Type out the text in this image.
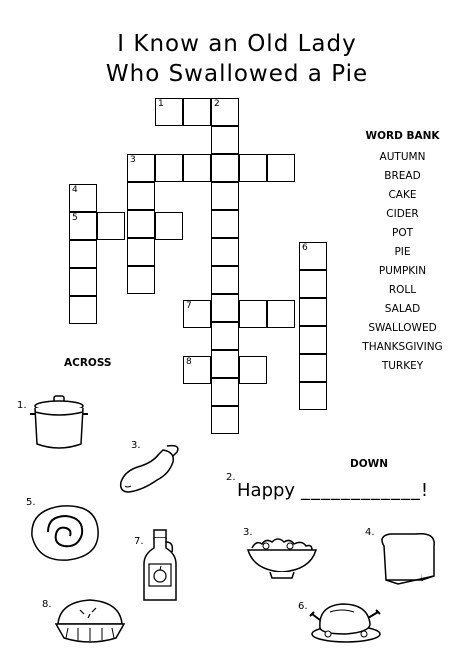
I Know an Old Lady
Who Swallowed a Pie
1	2
3
4
5
6
7
8
WORD BANK
AUTUMN
BREAD
CAKE
CIDER
POT
PIE
PUMPKIN
ROLL
SALAD
SWALLOWED
THANKSGIVING
TURKEY
ACROSS
DOWN
1.
3.
5.
7.
8.
2.
Happy ____________!
3.	4.
6.
